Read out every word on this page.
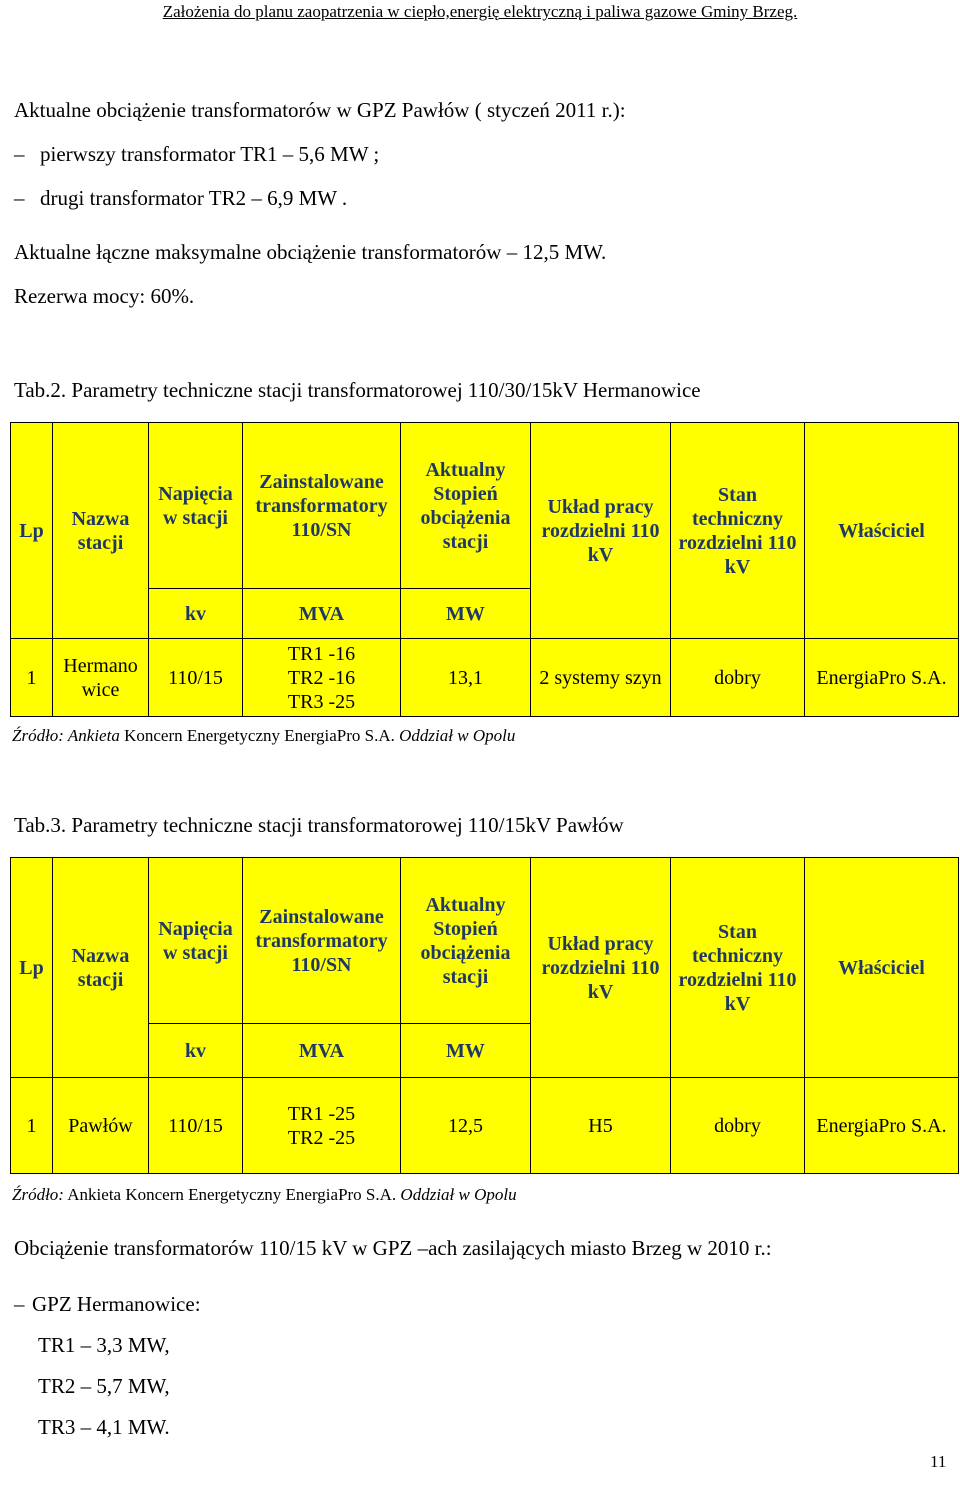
Założenia do planu zaopatrzenia w ciepło,energię elektryczną i paliwa gazowe Gminy Brzeg.
Aktualne obciążenie transformatorów w GPZ Pawłów ( styczeń 2011 r.):
– pierwszy transformator TR1 – 5,6 MW ;
– drugi transformator TR2 – 6,9 MW .
Aktualne łączne maksymalne obciążenie transformatorów – 12,5 MW.
Rezerwa mocy: 60%.
Tab.2. Parametry techniczne stacji transformatorowej 110/30/15kV Hermanowice
Lp	Nazwa stacji	Napięcia w stacji	Zainstalowane transformatory 110/SN	Aktualny Stopień obciążenia stacji	Układ pracy rozdzielni 110 kV	Stan techniczny rozdzielni 110 kV	Właściciel
		kv	MVA	MW			
1	Hermano wice	110/15	TR1 -16
TR2 -16
TR3 -25	13,1	2 systemy szyn	dobry	EnergiaPro S.A.
Źródło: Ankieta Koncern Energetyczny EnergiaPro S.A. Oddział w Opolu
Tab.3. Parametry techniczne stacji transformatorowej 110/15kV Pawłów
Lp	Nazwa stacji	Napięcia w stacji	Zainstalowane transformatory 110/SN	Aktualny Stopień obciążenia stacji	Układ pracy rozdzielni 110 kV	Stan techniczny rozdzielni 110 kV	Właściciel
		kv	MVA	MW			
1	Pawłów	110/15	TR1 -25
TR2 -25	12,5	H5	dobry	EnergiaPro S.A.
Źródło: Ankieta Koncern Energetyczny EnergiaPro S.A. Oddział w Opolu
Obciążenie transformatorów 110/15 kV w GPZ –ach zasilających miasto Brzeg w 2010 r.:
– GPZ Hermanowice:
TR1 – 3,3 MW,
TR2 – 5,7 MW,
TR3 – 4,1 MW.
11
